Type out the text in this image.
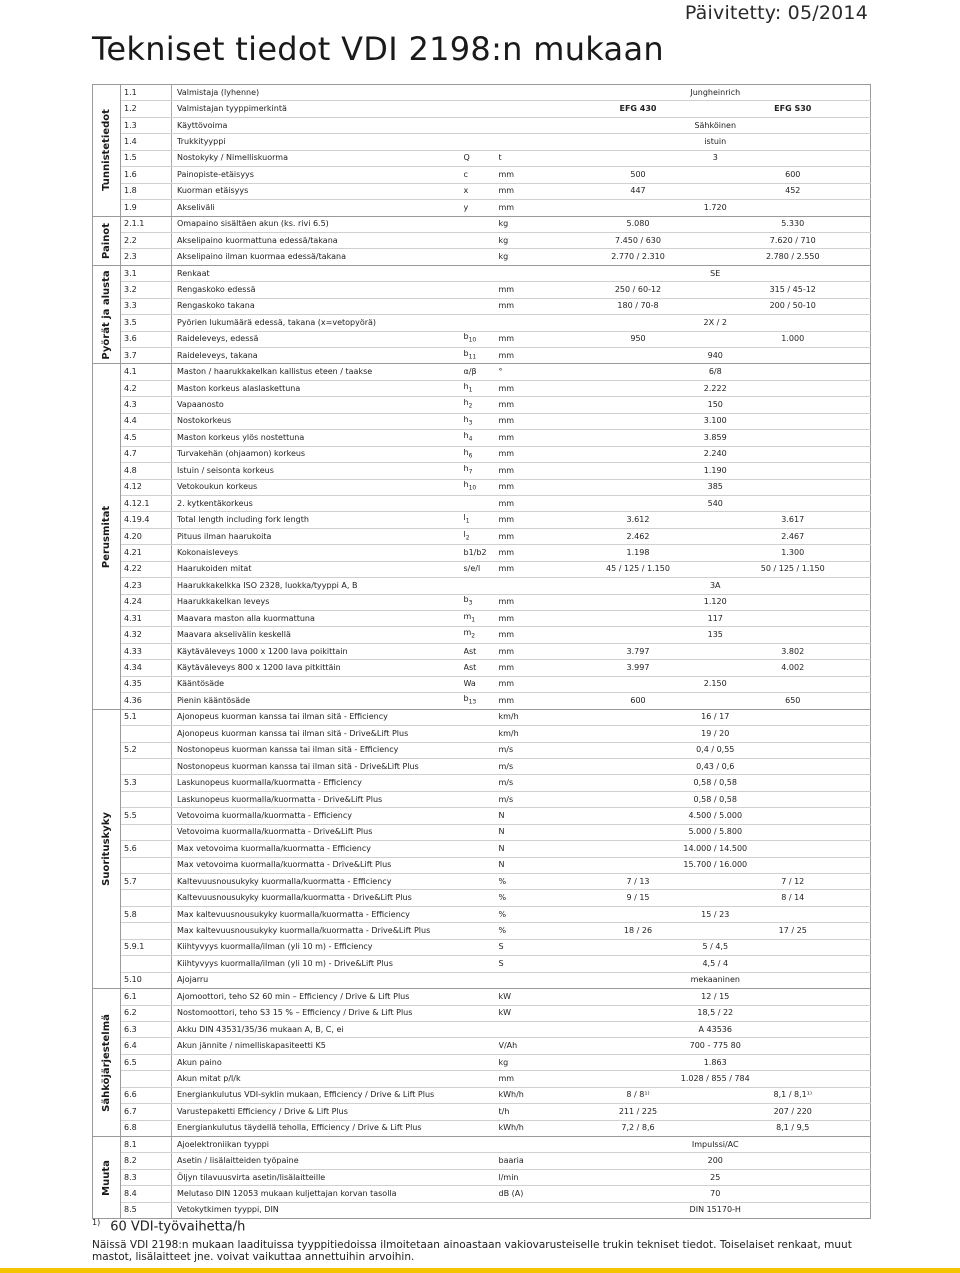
Päivitetty: 05/2014
Tekniset tiedot VDI 2198:n mukaan
Tunnistetiedot	1.1	Valmistaja (lyhenne)			Jungheinrich	
	1.2	Valmistajan tyyppimerkintä			EFG 430	EFG S30
	1.3	Käyttövoima			Sähköinen	
	1.4	Trukkityyppi			istuin	
	1.5	Nostokyky / Nimelliskuorma	Q	t	3	
	1.6	Painopiste-etäisyys	c	mm	500	600
	1.8	Kuorman etäisyys	x	mm	447	452
	1.9	Akseliväli	y	mm	1.720	

Painot	2.1.1	Omapaino sisältäen akun (ks. rivi 6.5)		kg	5.080	5.330
	2.2	Akselipaino kuormattuna edessä/takana		kg	7.450 / 630	7.620 / 710
	2.3	Akselipaino ilman kuormaa edessä/takana		kg	2.770 / 2.310	2.780 / 2.550

Pyörät ja alusta	3.1	Renkaat			SE	
	3.2	Rengaskoko edessä		mm	250 / 60-12	315 / 45-12
	3.3	Rengaskoko takana		mm	180 / 70-8	200 / 50-10
	3.5	Pyörien lukumäärä edessä, takana (x=vetopyörä)			2X / 2	
	3.6	Raideleveys, edessä	$b_{10}$	mm	950	1.000
	3.7	Raideleveys, takana	$b_{11}$	mm	940	

Perusmitat	4.1	Maston / haarukkakelkan kallistus eteen / taakse	α/β	°	6/8	
	4.2	Maston korkeus alaslaskettuna	$h_1$	mm	2.222	
	4.3	Vapaanosto	$h_2$	mm	150	
	4.4	Nostokorkeus	$h_3$	mm	3.100	
	4.5	Maston korkeus ylös nostettuna	$h_4$	mm	3.859	
	4.7	Turvakehän (ohjaamon) korkeus	$h_6$	mm	2.240	
	4.8	Istuin / seisonta korkeus	$h_7$	mm	1.190	
	4.12	Vetokoukun korkeus	$h_{10}$	mm	385	
	4.12.1	2. kytkentäkorkeus		mm	540	
	4.19.4	Total length including fork length	$l_1$	mm	3.612	3.617
	4.20	Pituus ilman haarukoita	$l_2$	mm	2.462	2.467
	4.21	Kokonaisleveys	b1/b2	mm	1.198	1.300
	4.22	Haarukoiden mitat	s/e/l	mm	45 / 125 / 1.150	50 / 125 / 1.150
	4.23	Haarukkakelkka ISO 2328, luokka/tyyppi A, B			3A	
	4.24	Haarukkakelkan leveys	$b_3$	mm	1.120	
	4.31	Maavara maston alla kuormattuna	$m_1$	mm	117	
	4.32	Maavara akselivälin keskellä	$m_2$	mm	135	
	4.33	Käytäväleveys 1000 x 1200 lava poikittain	Ast	mm	3.797	3.802
	4.34	Käytäväleveys 800 x 1200 lava pitkittäin	Ast	mm	3.997	4.002
	4.35	Kääntösäde	Wa	mm	2.150	
	4.36	Pienin kääntösäde	$b_{13}$	mm	600	650

Suorituskyky	5.1	Ajonopeus kuorman kanssa tai ilman sitä - Efficiency		km/h	16 / 17	
		Ajonopeus kuorman kanssa tai ilman sitä - Drive&Lift Plus		km/h	19 / 20	
	5.2	Nostonopeus kuorman kanssa tai ilman sitä - Efficiency		m/s	0,4 / 0,55	
		Nostonopeus kuorman kanssa tai ilman sitä - Drive&Lift Plus		m/s	0,43 / 0,6	
	5.3	Laskunopeus kuormalla/kuormatta - Efficiency		m/s	0,58 / 0,58	
		Laskunopeus kuormalla/kuormatta - Drive&Lift Plus		m/s	0,58 / 0,58	
	5.5	Vetovoima kuormalla/kuormatta - Efficiency		N	4.500 / 5.000	
		Vetovoima kuormalla/kuormatta - Drive&Lift Plus		N	5.000 / 5.800	
	5.6	Max vetovoima kuormalla/kuormatta - Efficiency		N	14.000 / 14.500	
		Max vetovoima kuormalla/kuormatta - Drive&Lift Plus		N	15.700 / 16.000	
	5.7	Kaltevuusnousukyky kuormalla/kuormatta - Efficiency		%	7 / 13	7 / 12
		Kaltevuusnousukyky kuormalla/kuormatta - Drive&Lift Plus		%	9 / 15	8 / 14
	5.8	Max kaltevuusnousukyky kuormalla/kuormatta - Efficiency		%	15 / 23	
		Max kaltevuusnousukyky kuormalla/kuormatta - Drive&Lift Plus		%	18 / 26	17 / 25
	5.9.1	Kiihtyvyys kuormalla/ilman (yli 10 m) - Efficiency		S	5 / 4,5	
		Kiihtyvyys kuormalla/ilman (yli 10 m) - Drive&Lift Plus		S	4,5 / 4	
	5.10	Ajojarru			mekaaninen	

Sähköjärjestelmä	6.1	Ajomoottori, teho S2 60 min – Efficiency / Drive & Lift Plus		kW	12 / 15	
	6.2	Nostomoottori, teho S3 15 % – Efficiency / Drive & Lift Plus		kW	18,5 / 22	
	6.3	Akku DIN 43531/35/36 mukaan A, B, C, ei			A 43536	
	6.4	Akun jännite / nimelliskapasiteetti K5		V/Ah	700 - 775 80	
	6.5	Akun paino		kg	1.863	
		Akun mitat p/l/k		mm	1.028 / 855 / 784	
	6.6	Energiankulutus VDI-syklin mukaan, Efficiency / Drive & Lift Plus		kWh/h	8 / 8¹⁾	8,1 / 8,1¹⁾
	6.7	Varustepaketti Efficiency / Drive & Lift Plus		t/h	211 / 225	207 / 220
	6.8	Energiankulutus täydellä teholla, Efficiency / Drive & Lift Plus		kWh/h	7,2 / 8,6	8,1 / 9,5

Muuta	8.1	Ajoelektroniikan tyyppi			Impulssi/AC	
	8.2	Asetin / lisälaitteiden työpaine		baaria	200	
	8.3	Öljyn tilavuusvirta asetin/lisälaitteille		l/min	25	
	8.4	Melutaso DIN 12053 mukaan kuljettajan korvan tasolla		dB (A)	70	
	8.5	Vetokytkimen tyyppi, DIN			DIN 15170-H	
$^{1)}$ 60 VDI-työvaihetta/h
Näissä VDI 2198:n mukaan laadituissa tyyppitiedoissa ilmoitetaan ainoastaan vakiovarusteiselle trukin tekniset tiedot. Toiselaiset renkaat, muut mastot, lisälaitteet jne. voivat vaikuttaa annettuihin arvoihin.
